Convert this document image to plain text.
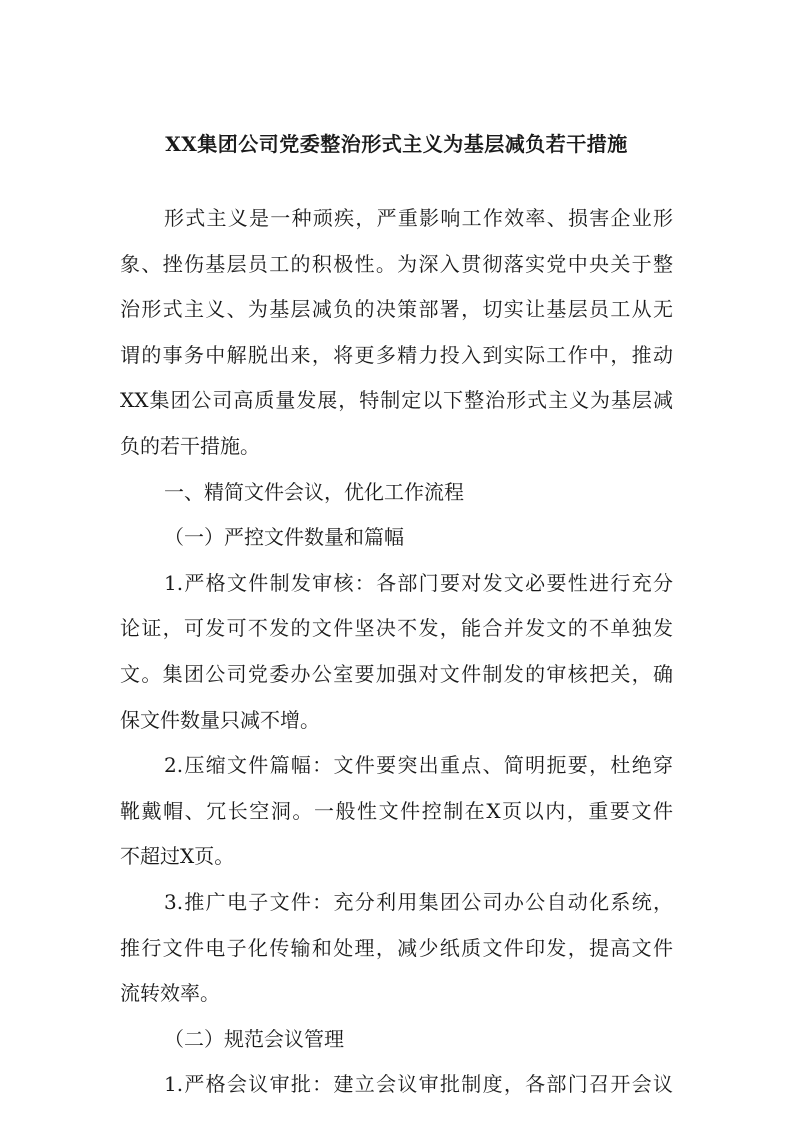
XX集团公司党委整治形式主义为基层减负若干措施
形式主义是一种顽疾，严重影响工作效率、损害企业形
象、挫伤基层员工的积极性。为深入贯彻落实党中央关于整
治形式主义、为基层减负的决策部署，切实让基层员工从无
谓的事务中解脱出来，将更多精力投入到实际工作中，推动
XX集团公司高质量发展，特制定以下整治形式主义为基层减
负的若干措施。
一、精简文件会议，优化工作流程
（一）严控文件数量和篇幅
1.严格文件制发审核：各部门要对发文必要性进行充分
论证，可发可不发的文件坚决不发，能合并发文的不单独发
文。集团公司党委办公室要加强对文件制发的审核把关，确
保文件数量只减不增。
2.压缩文件篇幅：文件要突出重点、简明扼要，杜绝穿
靴戴帽、冗长空洞。一般性文件控制在X页以内，重要文件
不超过X页。
3.推广电子文件：充分利用集团公司办公自动化系统，
推行文件电子化传输和处理，减少纸质文件印发，提高文件
流转效率。
（二）规范会议管理
1.严格会议审批：建立会议审批制度，各部门召开会议
